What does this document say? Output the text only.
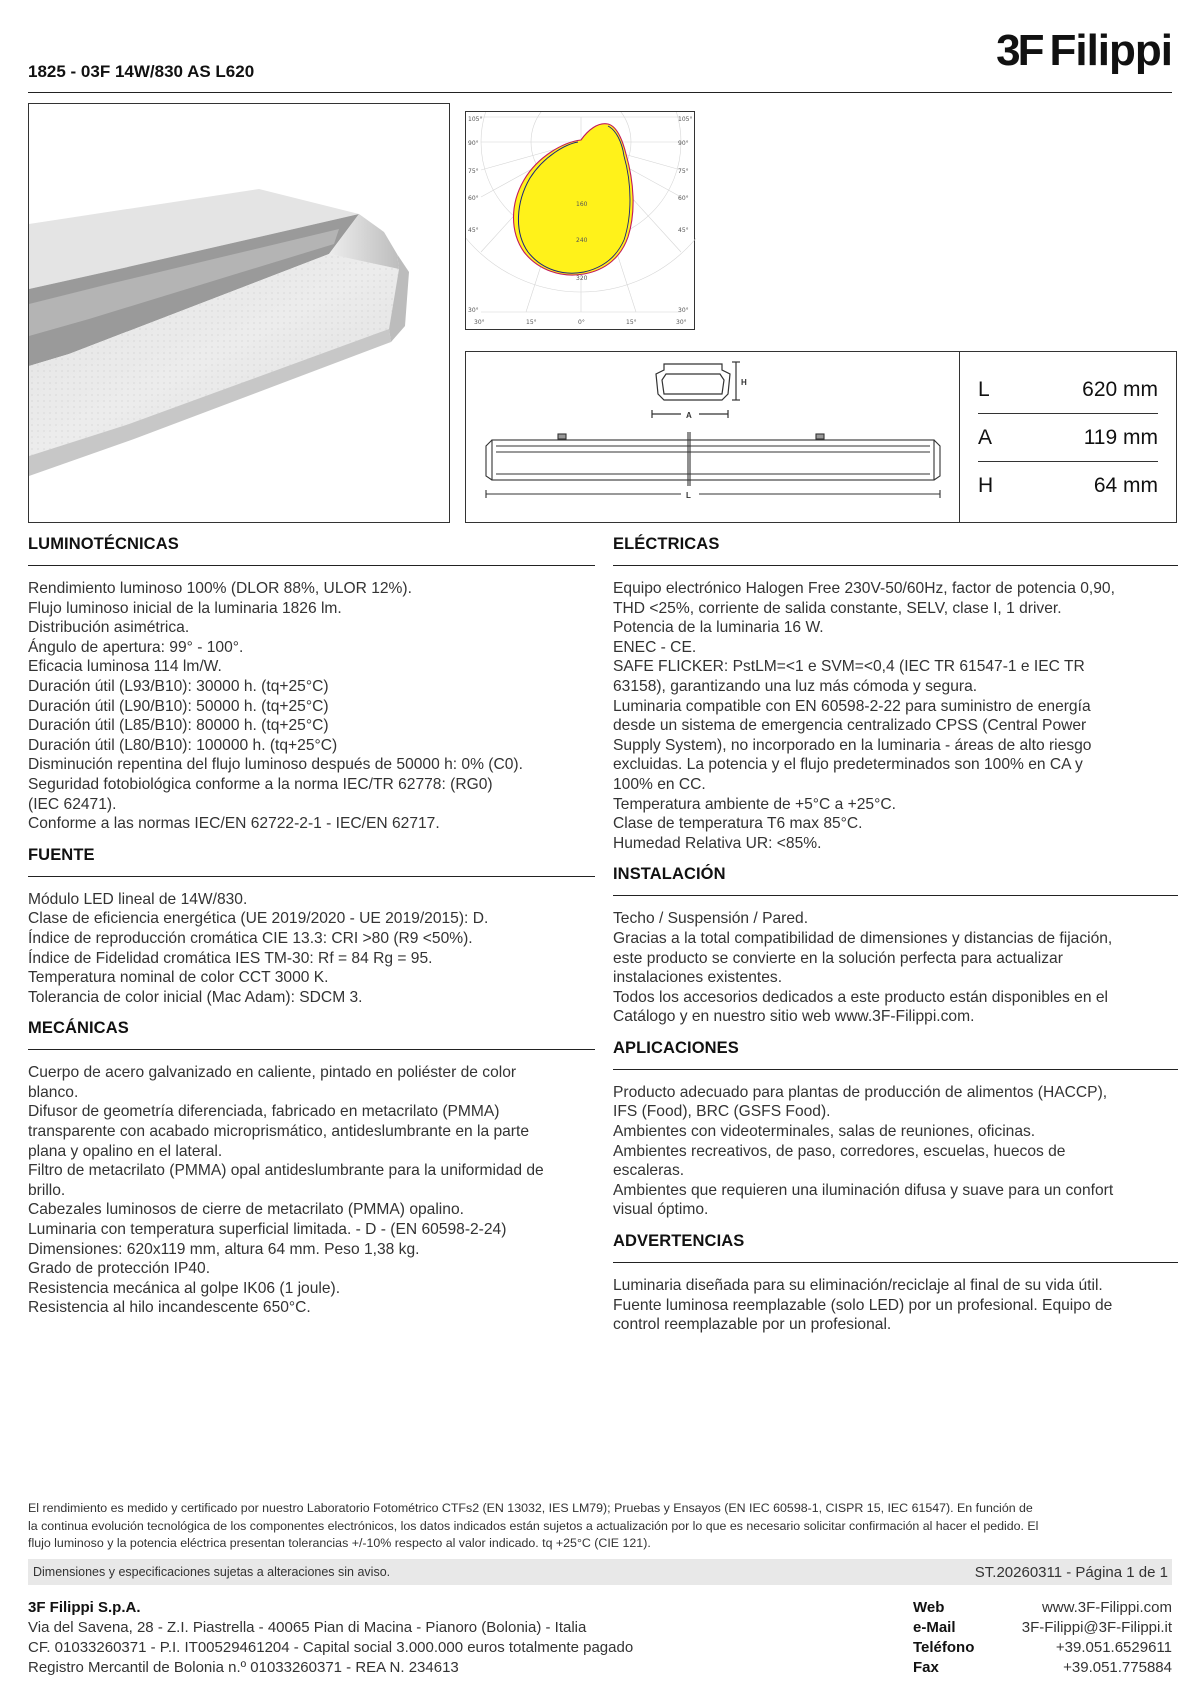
1825 - 03F 14W/830 AS L620	3F Filippi
105°
90°
75°
60°
45°
30°
105°
90°
75°
60°
45°
30°
30°	15°	0°	15°	30°
160
240
320
H
A
L
L	620 mm
A	119 mm
H	64 mm
LUMINOTÉCNICAS
Rendimiento luminoso 100% (DLOR 88%, ULOR 12%).
Flujo luminoso inicial de la luminaria 1826 lm.
Distribución asimétrica.
Ángulo de apertura: 99° - 100°.
Eficacia luminosa 114 lm/W.
Duración útil (L93/B10): 30000 h. (tq+25°C)
Duración útil (L90/B10): 50000 h. (tq+25°C)
Duración útil (L85/B10): 80000 h. (tq+25°C)
Duración útil (L80/B10): 100000 h. (tq+25°C)
Disminución repentina del flujo luminoso después de 50000 h: 0% (C0).
Seguridad fotobiológica conforme a la norma IEC/TR 62778: (RG0)
(IEC 62471).
Conforme a las normas IEC/EN 62722-2-1 - IEC/EN 62717.
FUENTE
Módulo LED lineal de 14W/830.
Clase de eficiencia energética (UE 2019/2020 - UE 2019/2015): D.
Índice de reproducción cromática CIE 13.3: CRI >80 (R9 <50%).
Índice de Fidelidad cromática IES TM-30: Rf = 84 Rg = 95.
Temperatura nominal de color CCT 3000 K.
Tolerancia de color inicial (Mac Adam): SDCM 3.
MECÁNICAS
Cuerpo de acero galvanizado en caliente, pintado en poliéster de color
blanco.
Difusor de geometría diferenciada, fabricado en metacrilato (PMMA)
transparente con acabado microprismático, antideslumbrante en la parte
plana y opalino en el lateral.
Filtro de metacrilato (PMMA) opal antideslumbrante para la uniformidad de
brillo.
Cabezales luminosos de cierre de metacrilato (PMMA) opalino.
Luminaria con temperatura superficial limitada. - D - (EN 60598-2-24)
Dimensiones: 620x119 mm, altura 64 mm. Peso 1,38 kg.
Grado de protección IP40.
Resistencia mecánica al golpe IK06 (1 joule).
Resistencia al hilo incandescente 650°C.
ELÉCTRICAS
Equipo electrónico Halogen Free 230V-50/60Hz, factor de potencia 0,90,
THD <25%, corriente de salida constante, SELV, clase I, 1 driver.
Potencia de la luminaria 16 W.
ENEC - CE.
SAFE FLICKER: PstLM=<1 e SVM=<0,4 (IEC TR 61547-1 e IEC TR
63158), garantizando una luz más cómoda y segura.
Luminaria compatible con EN 60598-2-22 para suministro de energía
desde un sistema de emergencia centralizado CPSS (Central Power
Supply System), no incorporado en la luminaria - áreas de alto riesgo
excluidas. La potencia y el flujo predeterminados son 100% en CA y
100% en CC.
Temperatura ambiente de +5°C a +25°C.
Clase de temperatura T6 max 85°C.
Humedad Relativa UR: <85%.
INSTALACIÓN
Techo / Suspensión / Pared.
Gracias a la total compatibilidad de dimensiones y distancias de fijación,
este producto se convierte en la solución perfecta para actualizar
instalaciones existentes.
Todos los accesorios dedicados a este producto están disponibles en el
Catálogo y en nuestro sitio web www.3F-Filippi.com.
APLICACIONES
Producto adecuado para plantas de producción de alimentos (HACCP),
IFS (Food), BRC (GSFS Food).
Ambientes con videoterminales, salas de reuniones, oficinas.
Ambientes recreativos, de paso, corredores, escuelas, huecos de
escaleras.
Ambientes que requieren una iluminación difusa y suave para un confort
visual óptimo.
ADVERTENCIAS
Luminaria diseñada para su eliminación/reciclaje al final de su vida útil.
Fuente luminosa reemplazable (solo LED) por un profesional. Equipo de
control reemplazable por un profesional.
El rendimiento es medido y certificado por nuestro Laboratorio Fotométrico CTFs2 (EN 13032, IES LM79); Pruebas y Ensayos (EN IEC 60598-1, CISPR 15, IEC 61547). En función de
la continua evolución tecnológica de los componentes electrónicos, los datos indicados están sujetos a actualización por lo que es necesario solicitar confirmación al hacer el pedido. El
flujo luminoso y la potencia eléctrica presentan tolerancias +/-10% respecto al valor indicado. tq +25°C (CIE 121).
Dimensiones y especificaciones sujetas a alteraciones sin aviso.	ST.20260311 - Página 1 de 1
3F Filippi S.p.A.
Via del Savena, 28 - Z.I. Piastrella - 40065 Pian di Macina - Pianoro (Bolonia) - Italia
CF. 01033260371 - P.I. IT00529461204 - Capital social 3.000.000 euros totalmente pagado
Registro Mercantil de Bolonia n.º 01033260371 - REA N. 234613
Web	www.3F-Filippi.com
e-Mail	3F-Filippi@3F-Filippi.it
Teléfono	+39.051.6529611
Fax	+39.051.775884
